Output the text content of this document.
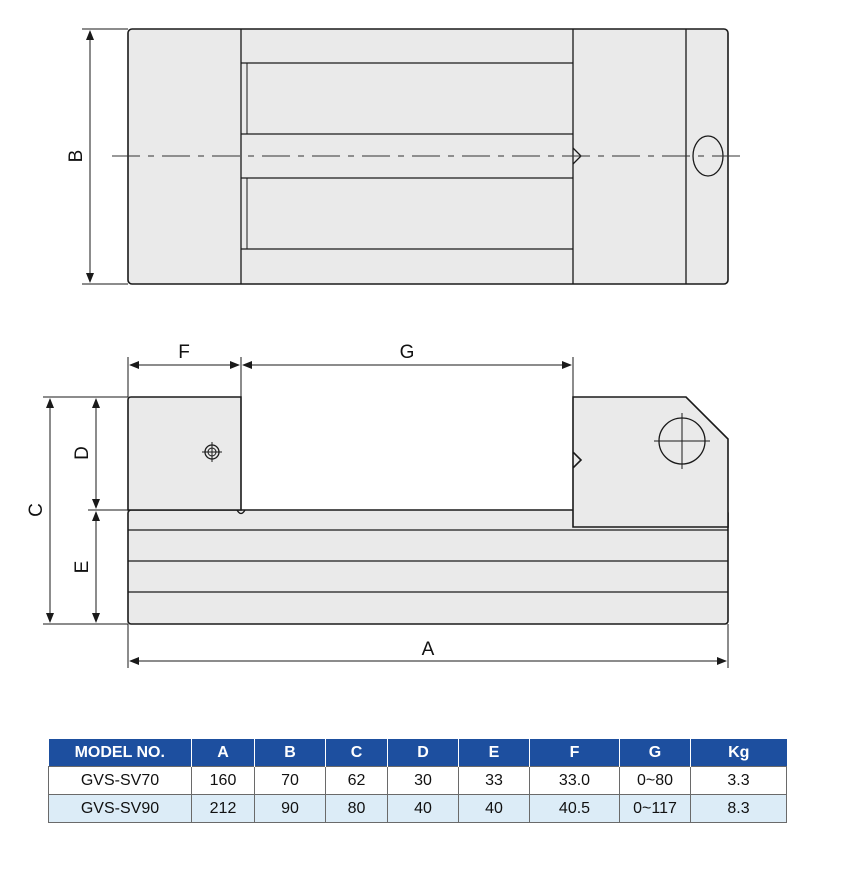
B
F	G
C
D
E
A
MODEL NO.	A	B	C	D	E	F	G	Kg
GVS-SV70	160	70	62	30	33	33.0	0~80	3.3
GVS-SV90	212	90	80	40	40	40.5	0~117	8.3
